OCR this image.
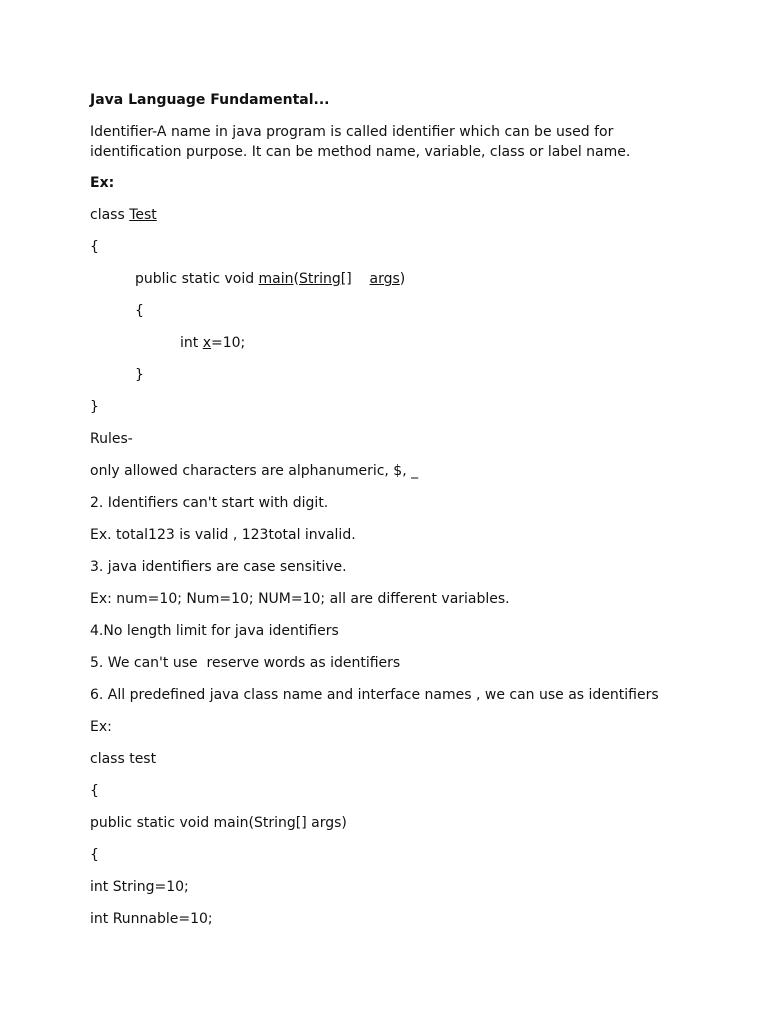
Java Language Fundamental...

Identifier-A name in java program is called identifier which can be used for

identification purpose. It can be method name, variable, class or label name.

Ex:

class Test

{

public static void main(String[]    args)

{

int x=10;

}

}

Rules-

only allowed characters are alphanumeric, $, _

2. Identifiers can't start with digit.

Ex. total123 is valid , 123total invalid.

3. java identifiers are case sensitive.

Ex: num=10; Num=10; NUM=10; all are different variables.

4.No length limit for java identifiers

5. We can't use  reserve words as identifiers

6. All predefined java class name and interface names , we can use as identifiers

Ex:

class test

{

public static void main(String[] args)

{

int String=10;

int Runnable=10;
